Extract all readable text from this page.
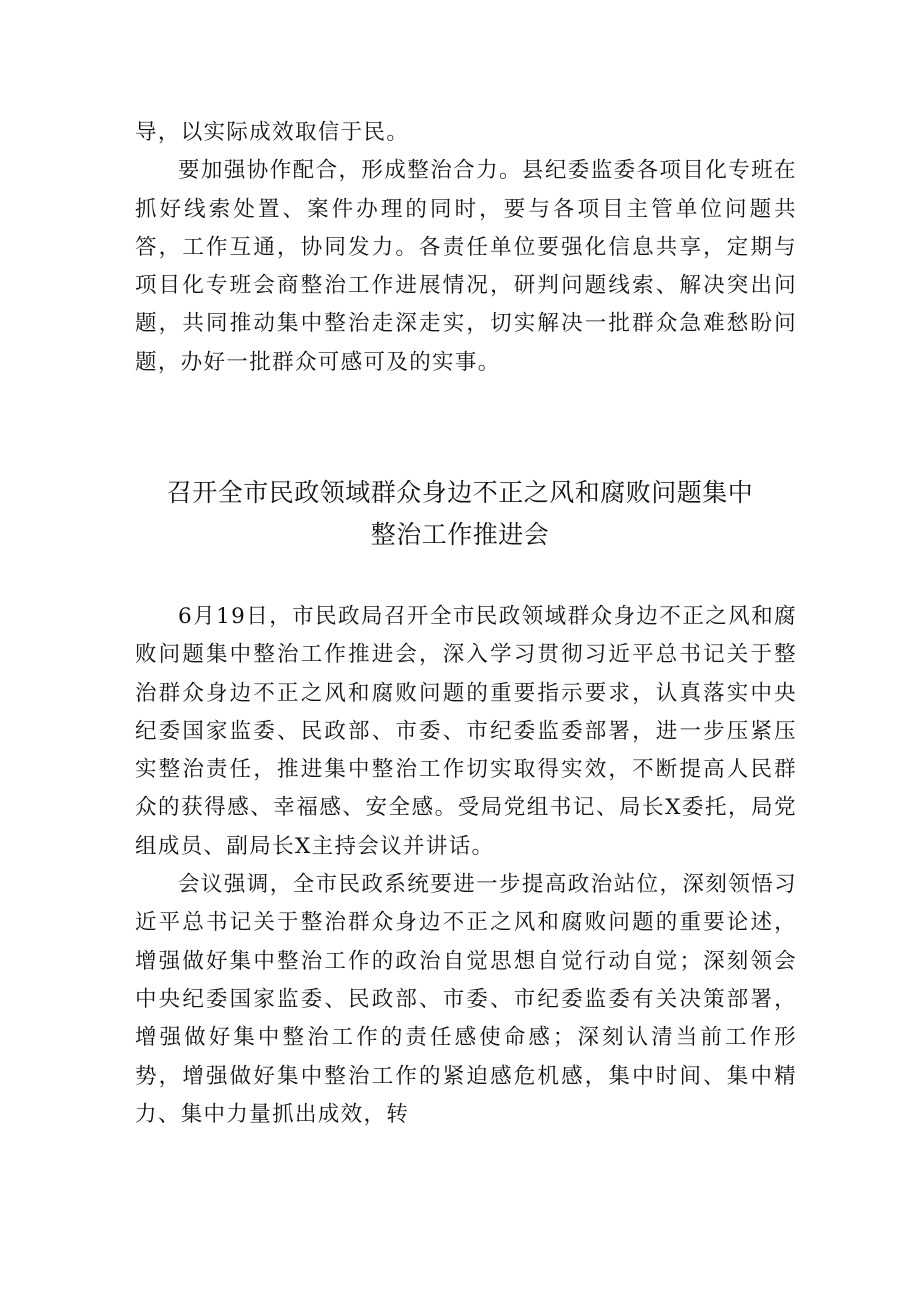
导，以实际成效取信于民。

要加强协作配合，形成整治合力。县纪委监委各项目化专班在抓好线索处置、案件办理的同时，要与各项目主管单位问题共答，工作互通，协同发力。各责任单位要强化信息共享，定期与项目化专班会商整治工作进展情况，研判问题线索、解决突出问题，共同推动集中整治走深走实，切实解决一批群众急难愁盼问题，办好一批群众可感可及的实事。

召开全市民政领域群众身边不正之风和腐败问题集中
整治工作推进会

6月19日，市民政局召开全市民政领域群众身边不正之风和腐败问题集中整治工作推进会，深入学习贯彻习近平总书记关于整治群众身边不正之风和腐败问题的重要指示要求，认真落实中央纪委国家监委、民政部、市委、市纪委监委部署，进一步压紧压实整治责任，推进集中整治工作切实取得实效，不断提高人民群众的获得感、幸福感、安全感。受局党组书记、局长X委托，局党组成员、副局长X主持会议并讲话。

会议强调，全市民政系统要进一步提高政治站位，深刻领悟习近平总书记关于整治群众身边不正之风和腐败问题的重要论述，增强做好集中整治工作的政治自觉思想自觉行动自觉；深刻领会中央纪委国家监委、民政部、市委、市纪委监委有关决策部署，增强做好集中整治工作的责任感使命感；深刻认清当前工作形势，增强做好集中整治工作的紧迫感危机感，集中时间、集中精力、集中力量抓出成效，转
